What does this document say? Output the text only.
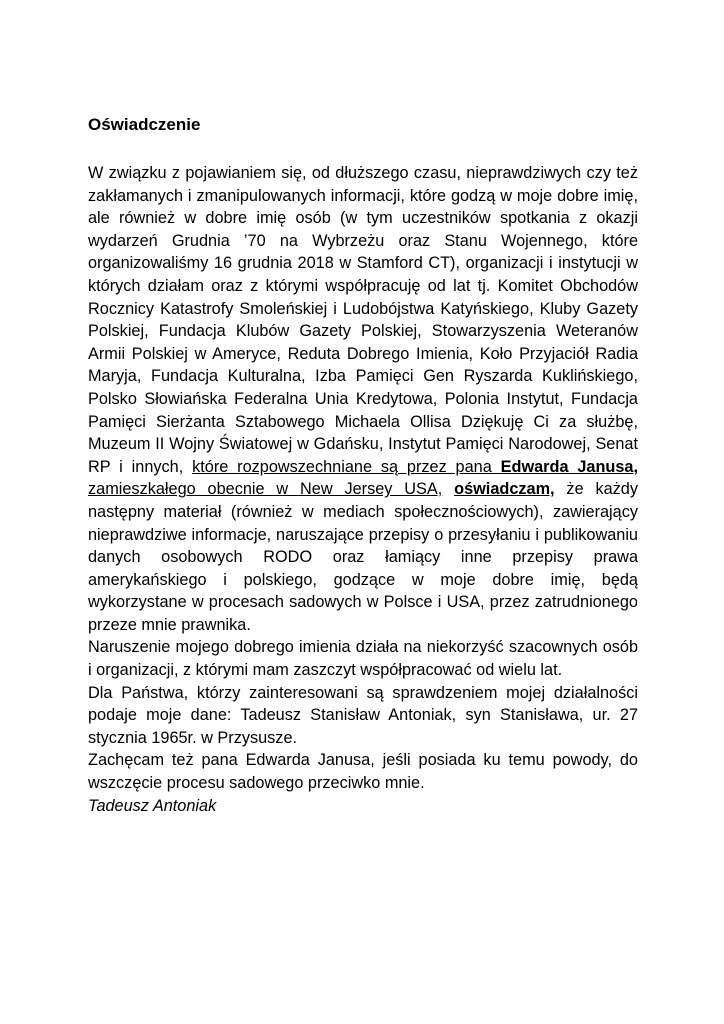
Oświadczenie

W związku z pojawianiem się, od dłuższego czasu, nieprawdziwych czy też zakłamanych i zmanipulowanych informacji, które godzą w moje dobre imię, ale również w dobre imię osób (w tym uczestników spotkania z okazji wydarzeń Grudnia ’70 na Wybrzeżu oraz Stanu Wojennego, które organizowaliśmy 16 grudnia 2018 w Stamford CT), organizacji i instytucji w których działam oraz z którymi współpracuję od lat tj. Komitet Obchodów Rocznicy Katastrofy Smoleńskiej i Ludobójstwa Katyńskiego, Kluby Gazety Polskiej, Fundacja Klubów Gazety Polskiej, Stowarzyszenia Weteranów Armii Polskiej w Ameryce, Reduta Dobrego Imienia, Koło Przyjaciół Radia Maryja, Fundacja Kulturalna, Izba Pamięci Gen Ryszarda Kuklińskiego, Polsko Słowiańska Federalna Unia Kredytowa, Polonia Instytut, Fundacja Pamięci Sierżanta Sztabowego Michaela Ollisa Dziękuję Ci za służbę, Muzeum II Wojny Światowej w Gdańsku, Instytut Pamięci Narodowej, Senat RP i innych, które rozpowszechniane są przez pana Edwarda Janusa, zamieszkałego obecnie w New Jersey USA, oświadczam, że każdy następny materiał (również w mediach społecznościowych), zawierający nieprawdziwe informacje, naruszające przepisy o przesyłaniu i publikowaniu danych osobowych RODO oraz łamiący inne przepisy prawa amerykańskiego i polskiego, godzące w moje dobre imię, będą wykorzystane w procesach sadowych w Polsce i USA, przez zatrudnionego przeze mnie prawnika.

Naruszenie mojego dobrego imienia działa na niekorzyść szacownych osób i organizacji, z którymi mam zaszczyt współpracować od wielu lat.

Dla Państwa, którzy zainteresowani są sprawdzeniem mojej działalności podaje moje dane: Tadeusz Stanisław Antoniak, syn Stanisława, ur. 27 stycznia 1965r. w Przysusze.

Zachęcam też pana Edwarda Janusa, jeśli posiada ku temu powody, do wszczęcie procesu sadowego przeciwko mnie.

Tadeusz Antoniak
